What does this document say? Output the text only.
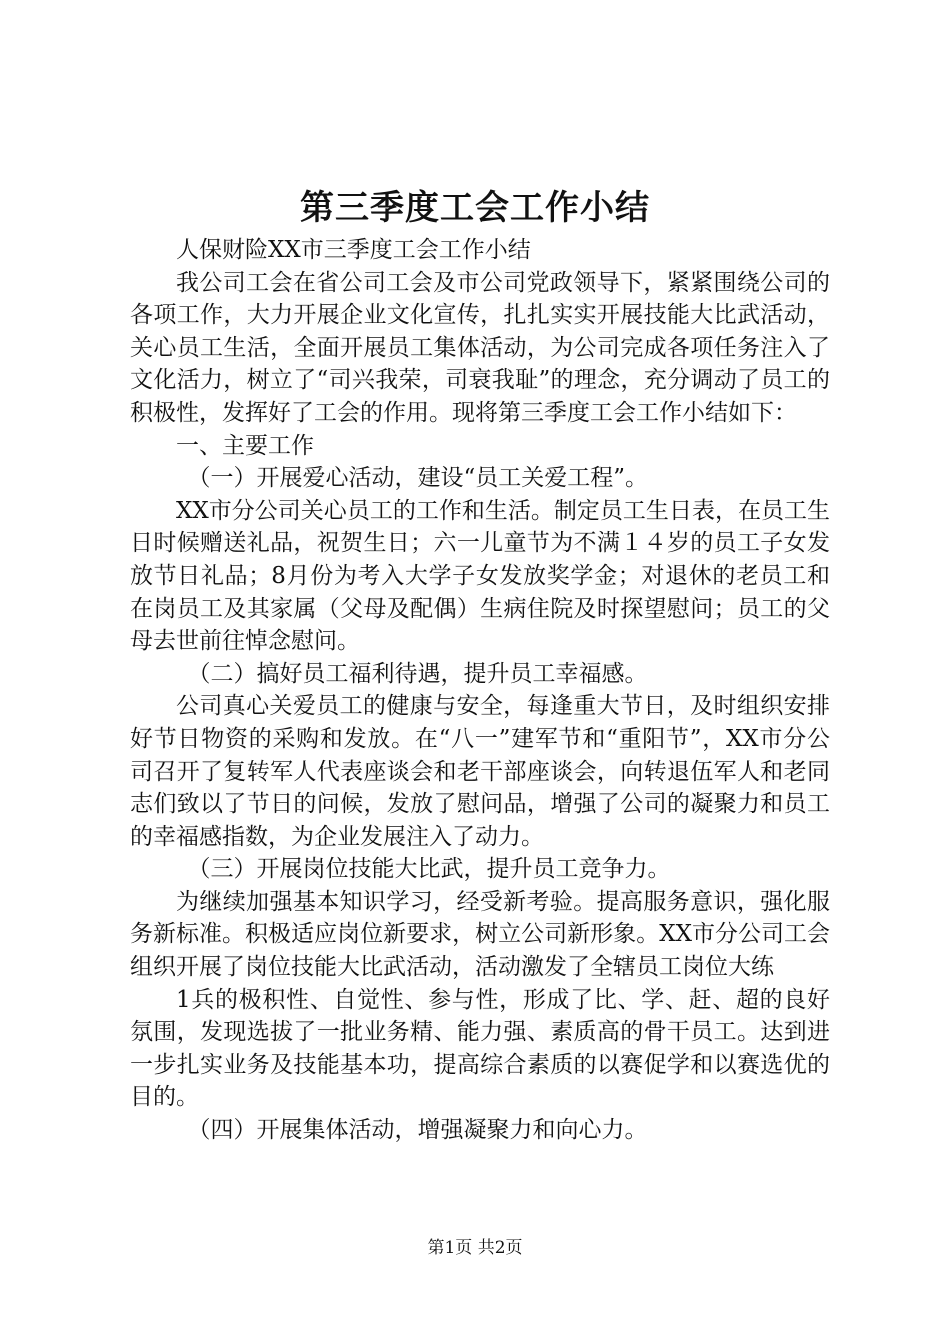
第三季度工会工作小结

人保财险XX市三季度工会工作小结

我公司工会在省公司工会及市公司党政领导下，紧紧围绕公司的各项工作，大力开展企业文化宣传，扎扎实实开展技能大比武活动，关心员工生活，全面开展员工集体活动，为公司完成各项任务注入了文化活力，树立了“司兴我荣，司衰我耻”的理念，充分调动了员工的积极性，发挥好了工会的作用。现将第三季度工会工作小结如下：

一、主要工作

（一）开展爱心活动，建设“员工关爱工程”。

XX市分公司关心员工的工作和生活。制定员工生日表，在员工生日时候赠送礼品，祝贺生日；六一儿童节为不满１４岁的员工子女发放节日礼品；8月份为考入大学子女发放奖学金；对退休的老员工和在岗员工及其家属（父母及配偶）生病住院及时探望慰问；员工的父母去世前往悼念慰问。

（二）搞好员工福利待遇，提升员工幸福感。

公司真心关爱员工的健康与安全，每逢重大节日，及时组织安排好节日物资的采购和发放。在“八一”建军节和“重阳节”，XX市分公司召开了复转军人代表座谈会和老干部座谈会，向转退伍军人和老同志们致以了节日的问候，发放了慰问品，增强了公司的凝聚力和员工的幸福感指数，为企业发展注入了动力。

（三）开展岗位技能大比武，提升员工竞争力。

为继续加强基本知识学习，经受新考验。提高服务意识，强化服务新标准。积极适应岗位新要求，树立公司新形象。XX市分公司工会组织开展了岗位技能大比武活动，活动激发了全辖员工岗位大练

1兵的极积性、自觉性、参与性，形成了比、学、赶、超的良好氛围，发现选拔了一批业务精、能力强、素质高的骨干员工。达到进一步扎实业务及技能基本功，提高综合素质的以赛促学和以赛选优的目的。

（四）开展集体活动，增强凝聚力和向心力。

第1页 共2页
